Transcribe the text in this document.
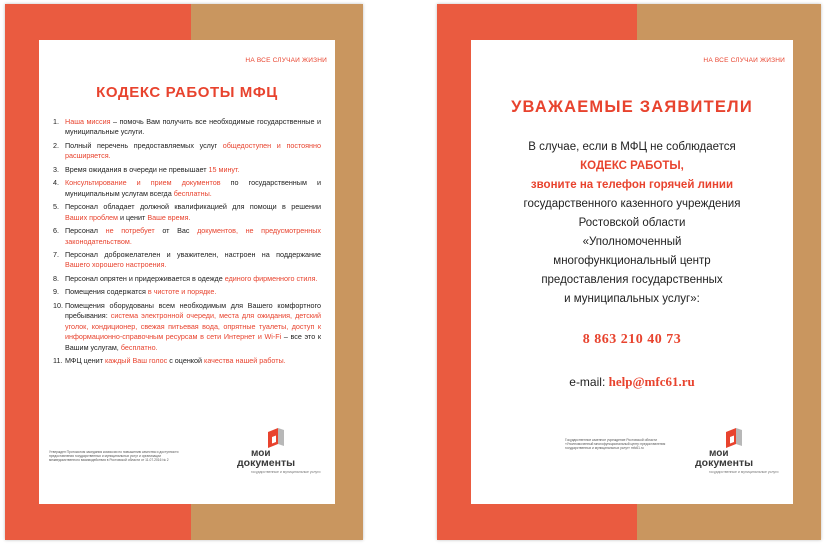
НА ВСЕ СЛУЧАИ ЖИЗНИ
КОДЕКС РАБОТЫ МФЦ
1. Наша миссия – помочь Вам получить все необходимые государственные и муниципальные услуги.
2. Полный перечень предоставляемых услуг общедоступен и постоянно расширяется.
3. Время ожидания в очереди не превышает 15 минут.
4. Консультирование и прием документов по государственным и муниципальным услугам всегда бесплатны.
5. Персонал обладает должной квалификацией для помощи в решении Ваших проблем и ценит Ваше время.
6. Персонал не потребует от Вас документов, не предусмотренных законодательством.
7. Персонал доброжелателен и уважителен, настроен на поддержание Вашего хорошего настроения.
8. Персонал опрятен и придерживается в одежде единого фирменного стиля.
9. Помещения содержатся в чистоте и порядке.
10. Помещения оборудованы всем необходимым для Вашего комфортного пребывания: система электронной очереди, места для ожидания, детский уголок, кондиционер, свежая питьевая вода, опрятные туалеты, доступ к информационно-справочным ресурсам в сети Интернет и Wi-Fi – все это к Вашим услугам, бесплатно.
11. МФЦ ценит каждый Ваш голос с оценкой качества нашей работы.
Утвержден Протоколом заседания комиссии по повышению качества и доступности предоставления государственных и муниципальных услуг и организации межведомственного взаимодействия в Ростовской области от 11.07.2016 № 2
мои
документы
государственные и муниципальные услуги
НА ВСЕ СЛУЧАИ ЖИЗНИ
УВАЖАЕМЫЕ ЗАЯВИТЕЛИ
В случае, если в МФЦ не соблюдается
КОДЕКС РАБОТЫ,
звоните на телефон горячей линии
государственного казенного учреждения
Ростовской области
«Уполномоченный
многофункциональный центр
предоставления государственных
и муниципальных услуг»:
8 863 210 40 73
e-mail: help@mfc61.ru
Государственное казенное учреждение Ростовской области «Уполномоченный многофункциональный центр предоставления государственных и муниципальных услуг» mfc61.ru	мои
документы
государственные и муниципальные услуги
